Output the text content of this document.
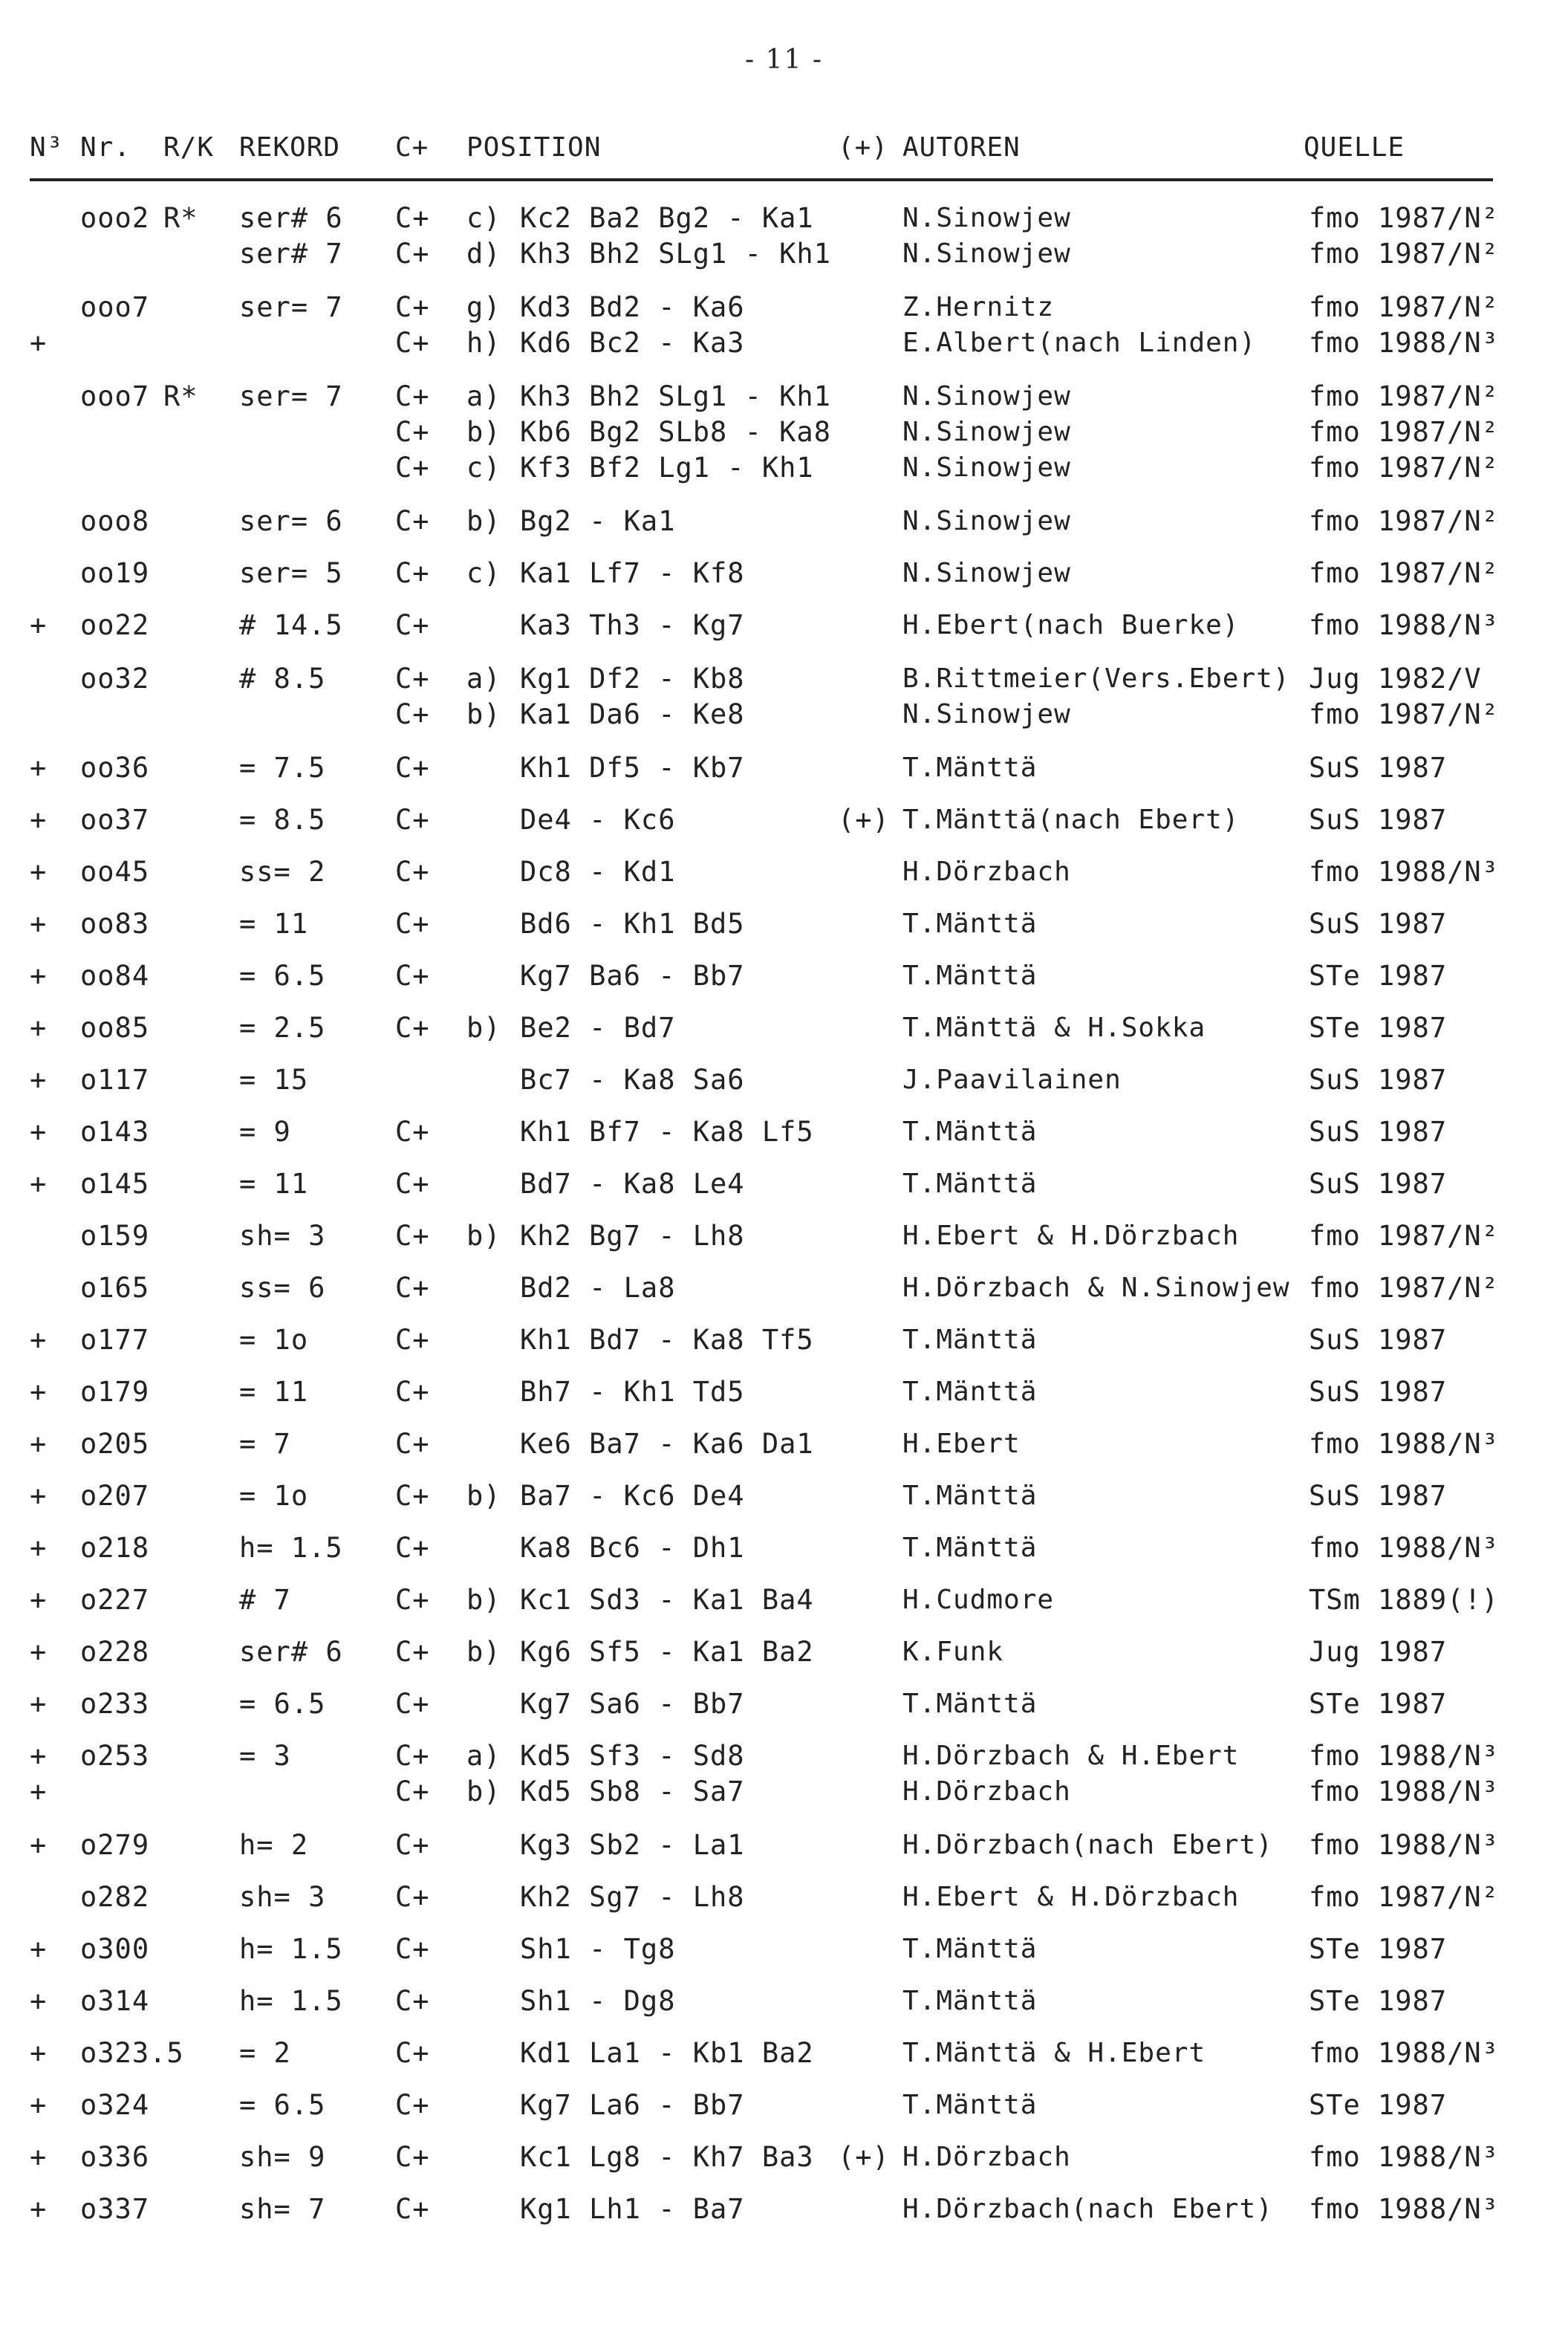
- 11 -
N³ Nr. R/K REKORD C+ POSITION	(+) AUTOREN	QUELLE
ooo2 R* ser# 6 C+ c) Kc2 Ba2 Bg2 - Ka1	N.Sinowjew	fmo 1987/N²
ser# 7 C+ d) Kh3 Bh2 SLg1 - Kh1	N.Sinowjew	fmo 1987/N²
ooo7	ser= 7 C+ g) Kd3 Bd2 - Ka6	Z.Hernitz	fmo 1987/N²
+	C+ h) Kd6 Bc2 - Ka3	E.Albert(nach Linden) fmo 1988/N³
ooo7 R* ser= 7 C+ a) Kh3 Bh2 SLg1 - Kh1	N.Sinowjew	fmo 1987/N²
C+ b) Kb6 Bg2 SLb8 - Ka8	N.Sinowjew	fmo 1987/N²
C+ c) Kf3 Bf2 Lg1 - Kh1	N.Sinowjew	fmo 1987/N²
ooo8	ser= 6 C+ b) Bg2 - Ka1	N.Sinowjew	fmo 1987/N²
oo19	ser= 5 C+ c) Ka1 Lf7 - Kf8	N.Sinowjew	fmo 1987/N²
+ oo22	# 14.5 C+	Ka3 Th3 - Kg7	H.Ebert(nach Buerke)	fmo 1988/N³
oo32	# 8.5	C+ a) Kg1 Df2 - Kb8	B.Rittmeier(Vers.Ebert) Jug 1982/V
C+ b) Ka1 Da6 - Ke8	N.Sinowjew	fmo 1987/N²
+ oo36	= 7.5	C+	Kh1 Df5 - Kb7	T.Mänttä	SuS 1987
+ oo37	= 8.5	C+	De4 - Kc6	(+) T.Mänttä(nach Ebert)	SuS 1987
+ oo45	ss= 2	C+	Dc8 - Kd1	H.Dörzbach	fmo 1988/N³
+ oo83	= 11	C+	Bd6 - Kh1 Bd5	T.Mänttä	SuS 1987
+ oo84	= 6.5	C+	Kg7 Ba6 - Bb7	T.Mänttä	STe 1987
+ oo85	= 2.5	C+ b) Be2 - Bd7	T.Mänttä & H.Sokka	STe 1987
+ o117	= 15	Bc7 - Ka8 Sa6	J.Paavilainen	SuS 1987
+ o143	= 9	C+	Kh1 Bf7 - Ka8 Lf5	T.Mänttä	SuS 1987
+ o145	= 11	C+	Bd7 - Ka8 Le4	T.Mänttä	SuS 1987
o159	sh= 3	C+ b) Kh2 Bg7 - Lh8	H.Ebert & H.Dörzbach	fmo 1987/N²
o165	ss= 6	C+	Bd2 - La8	H.Dörzbach & N.Sinowjew fmo 1987/N²
+ o177	= 1o	C+	Kh1 Bd7 - Ka8 Tf5	T.Mänttä	SuS 1987
+ o179	= 11	C+	Bh7 - Kh1 Td5	T.Mänttä	SuS 1987
+ o205	= 7	C+	Ke6 Ba7 - Ka6 Da1	H.Ebert	fmo 1988/N³
+ o207	= 1o	C+ b) Ba7 - Kc6 De4	T.Mänttä	SuS 1987
+ o218	h= 1.5 C+	Ka8 Bc6 - Dh1	T.Mänttä	fmo 1988/N³
+ o227	# 7	C+ b) Kc1 Sd3 - Ka1 Ba4	H.Cudmore	TSm 1889(!)
+ o228	ser# 6 C+ b) Kg6 Sf5 - Ka1 Ba2	K.Funk	Jug 1987
+ o233	= 6.5	C+	Kg7 Sa6 - Bb7	T.Mänttä	STe 1987
+ o253	= 3	C+ a) Kd5 Sf3 - Sd8	H.Dörzbach & H.Ebert	fmo 1988/N³
+	C+ b) Kd5 Sb8 - Sa7	H.Dörzbach	fmo 1988/N³
+ o279	h= 2	C+	Kg3 Sb2 - La1	H.Dörzbach(nach Ebert) fmo 1988/N³
o282	sh= 3	C+	Kh2 Sg7 - Lh8	H.Ebert & H.Dörzbach	fmo 1987/N²
+ o300	h= 1.5 C+	Sh1 - Tg8	T.Mänttä	STe 1987
+ o314	h= 1.5 C+	Sh1 - Dg8	T.Mänttä	STe 1987
+ o323.5 = 2	C+	Kd1 La1 - Kb1 Ba2	T.Mänttä & H.Ebert	fmo 1988/N³
+ o324	= 6.5	C+	Kg7 La6 - Bb7	T.Mänttä	STe 1987
+ o336	sh= 9	C+	Kc1 Lg8 - Kh7 Ba3 (+) H.Dörzbach	fmo 1988/N³
+ o337	sh= 7	C+	Kg1 Lh1 - Ba7	H.Dörzbach(nach Ebert) fmo 1988/N³
